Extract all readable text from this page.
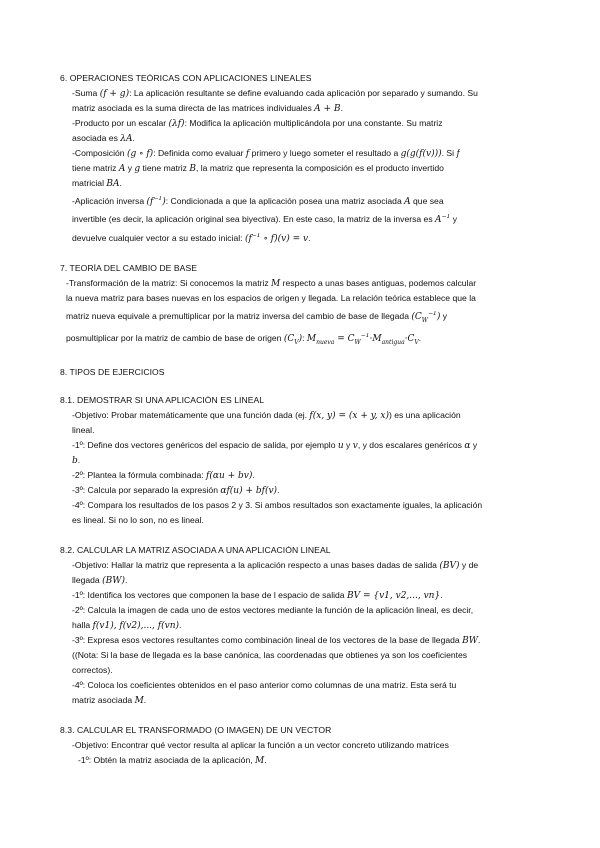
6. OPERACIONES TEÓRICAS CON APLICACIONES LINEALES
-Suma (f + g): La aplicación resultante se define evaluando cada aplicación por separado y sumando. Su
matriz asociada es la suma directa de las matrices individuales A + B.
-Producto por un escalar (λf): Modifica la aplicación multiplicándola por una constante. Su matriz
asociada es λA.
-Composición (g ∘ f): Definida como evaluar f primero y luego someter el resultado a g(g(f(v))). Si f
tiene matriz A y g tiene matriz B, la matriz que representa la composición es el producto invertido
matricial BA.
-Aplicación inversa $(f^{-1})$: Condicionada a que la aplicación posea una matriz asociada A que sea
invertible (es decir, la aplicación original sea biyectiva). En este caso, la matriz de la inversa es $A^{-1}$ y
devuelve cualquier vector a su estado inicial: ($f^{-1}$ ∘ f)(v) = v.
7. TEORÍA DEL CAMBIO DE BASE
-Transformación de la matriz: Si conocemos la matriz M respecto a unas bases antiguas, podemos calcular
la nueva matriz para bases nuevas en los espacios de origen y llegada. La relación teórica establece que la
matriz nueva equivale a premultiplicar por la matriz inversa del cambio de base de llegada $(C_W^{-1})$ y
posmultiplicar por la matriz de cambio de base de origen $(C_V)$: $M_{nueva} = C_W^{-1}\cdot M_{antigua}\cdot C_V$.
8. TIPOS DE EJERCICIOS
8.1. DEMOSTRAR SI UNA APLICACIÓN ES LINEAL
-Objetivo: Probar matemáticamente que una función dada (ej. f(x, y) = (x + y, x)) es una aplicación
lineal.
-1º: Define dos vectores genéricos del espacio de salida, por ejemplo u y v, y dos escalares genéricos α y
b.
-2º: Plantea la fórmula combinada: f(αu + bv).
-3º: Calcula por separado la expresión αf(u) + bf(v).
-4º: Compara los resultados de los pasos 2 y 3. Si ambos resultados son exactamente iguales, la aplicación
es lineal. Si no lo son, no es lineal.
8.2. CALCULAR LA MATRIZ ASOCIADA A UNA APLICACIÓN LINEAL
-Objetivo: Hallar la matriz que representa a la aplicación respecto a unas bases dadas de salida (BV) y de
llegada (BW).
-1º: Identifica los vectores que componen la base de l espacio de salida BV = {v1, v2,..., vn}.
-2º: Calcula la imagen de cada uno de estos vectores mediante la función de la aplicación lineal, es decir,
halla f(v1), f(v2),..., f(vn).
-3º: Expresa esos vectores resultantes como combinación lineal de los vectores de la base de llegada BW.
((Nota: Si la base de llegada es la base canónica, las coordenadas que obtienes ya son los coeficientes
correctos).
-4º: Coloca los coeficientes obtenidos en el paso anterior como columnas de una matriz. Esta será tu
matriz asociada M.
8.3. CALCULAR EL TRANSFORMADO (O IMAGEN) DE UN VECTOR
-Objetivo: Encontrar qué vector resulta al aplicar la función a un vector concreto utilizando matrices
-1º: Obtén la matriz asociada de la aplicación, M.
